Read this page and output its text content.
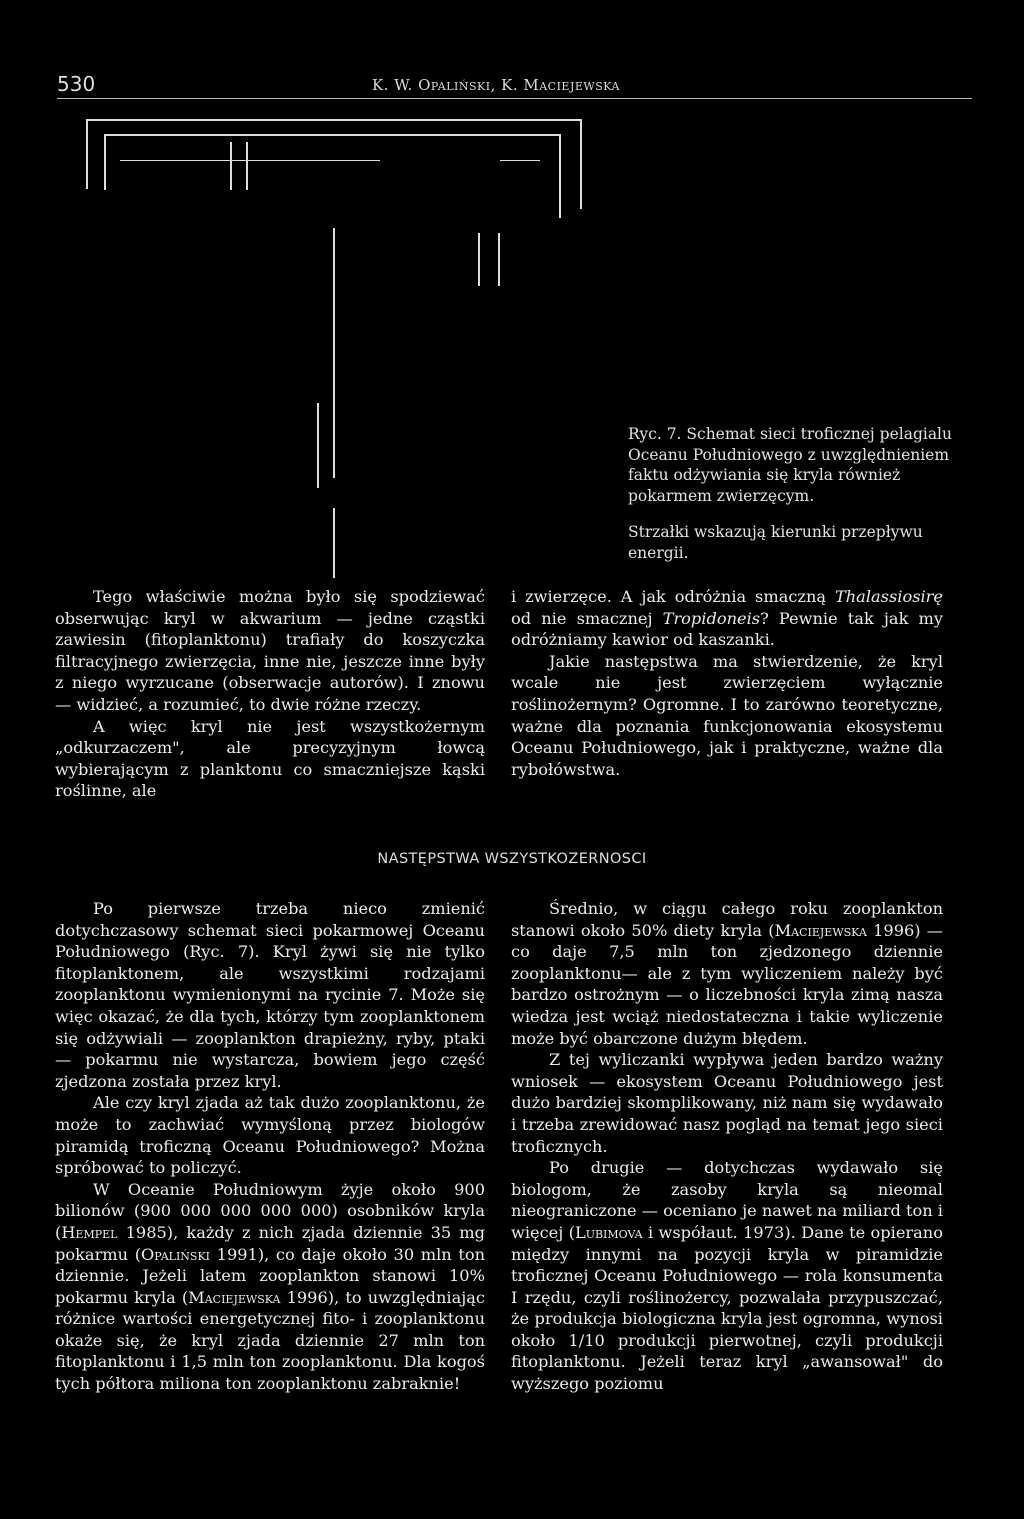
530	K. W. Opaliński, K. Maciejewska

Ryc. 7. Schemat sieci troficznej pelagialu Oceanu Południowego z uwzględnieniem faktu odżywiania się kryla również pokarmem zwierzęcym.

Strzałki wskazują kierunki przepływu energii.

Tego właściwie można było się spodziewać obserwując kryl w akwarium — jedne cząstki zawiesin (fitoplanktonu) trafiały do koszyczka filtracyjnego zwierzęcia, inne nie, jeszcze inne były z niego wyrzucane (obserwacje autorów). I znowu — widzieć, a rozumieć, to dwie różne rzeczy.

A więc kryl nie jest wszystkożernym „odkurzaczem", ale precyzyjnym łowcą wybierającym z planktonu co smaczniejsze kąski roślinne, ale

i zwierzęce. A jak odróżnia smaczną Thalassiosirę od nie smacznej Tropidoneis? Pewnie tak jak my odróżniamy kawior od kaszanki.

Jakie następstwa ma stwierdzenie, że kryl wcale nie jest zwierzęciem wyłącznie roślinożernym? Ogromne. I to zarówno teoretyczne, ważne dla poznania funkcjonowania ekosystemu Oceanu Południowego, jak i praktyczne, ważne dla rybołówstwa.

NASTĘPSTWA WSZYSTKOZERNOSCI

Po pierwsze trzeba nieco zmienić dotychczasowy schemat sieci pokarmowej Oceanu Południowego (Ryc. 7). Kryl żywi się nie tylko fitoplanktonem, ale wszystkimi rodzajami zooplanktonu wymienionymi na rycinie 7. Może się więc okazać, że dla tych, którzy tym zooplanktonem się odżywiali — zooplankton drapieżny, ryby, ptaki — pokarmu nie wystarcza, bowiem jego część zjedzona została przez kryl.

Ale czy kryl zjada aż tak dużo zooplanktonu, że może to zachwiać wymyśloną przez biologów piramidą troficzną Oceanu Południowego? Można spróbować to policzyć.

W Oceanie Południowym żyje około 900 bilionów (900 000 000 000 000) osobników kryla (Hempel 1985), każdy z nich zjada dziennie 35 mg pokarmu (Opaliński 1991), co daje około 30 mln ton dziennie. Jeżeli latem zooplankton stanowi 10% pokarmu kryla (Maciejewska 1996), to uwzględniając różnice wartości energetycznej fito- i zooplanktonu okaże się, że kryl zjada dziennie 27 mln ton fitoplanktonu i 1,5 mln ton zooplanktonu. Dla kogoś tych półtora miliona ton zooplanktonu zabraknie!

Średnio, w ciągu całego roku zooplankton stanowi około 50% diety kryla (Maciejewska 1996) — co daje 7,5 mln ton zjedzonego dziennie zooplanktonu— ale z tym wyliczeniem należy być bardzo ostrożnym — o liczebności kryla zimą nasza wiedza jest wciąż niedostateczna i takie wyliczenie może być obarczone dużym błędem.

Z tej wyliczanki wypływa jeden bardzo ważny wniosek — ekosystem Oceanu Południowego jest dużo bardziej skomplikowany, niż nam się wydawało i trzeba zrewidować nasz pogląd na temat jego sieci troficznych.

Po drugie — dotychczas wydawało się biologom, że zasoby kryla są nieomal nieograniczone — oceniano je nawet na miliard ton i więcej (Lubimova i współaut. 1973). Dane te opierano między innymi na pozycji kryla w piramidzie troficznej Oceanu Południowego — rola konsumenta I rzędu, czyli roślinożercy, pozwalała przypuszczać, że produkcja biologiczna kryla jest ogromna, wynosi około 1/10 produkcji pierwotnej, czyli produkcji fitoplanktonu. Jeżeli teraz kryl „awansował" do wyższego poziomu
